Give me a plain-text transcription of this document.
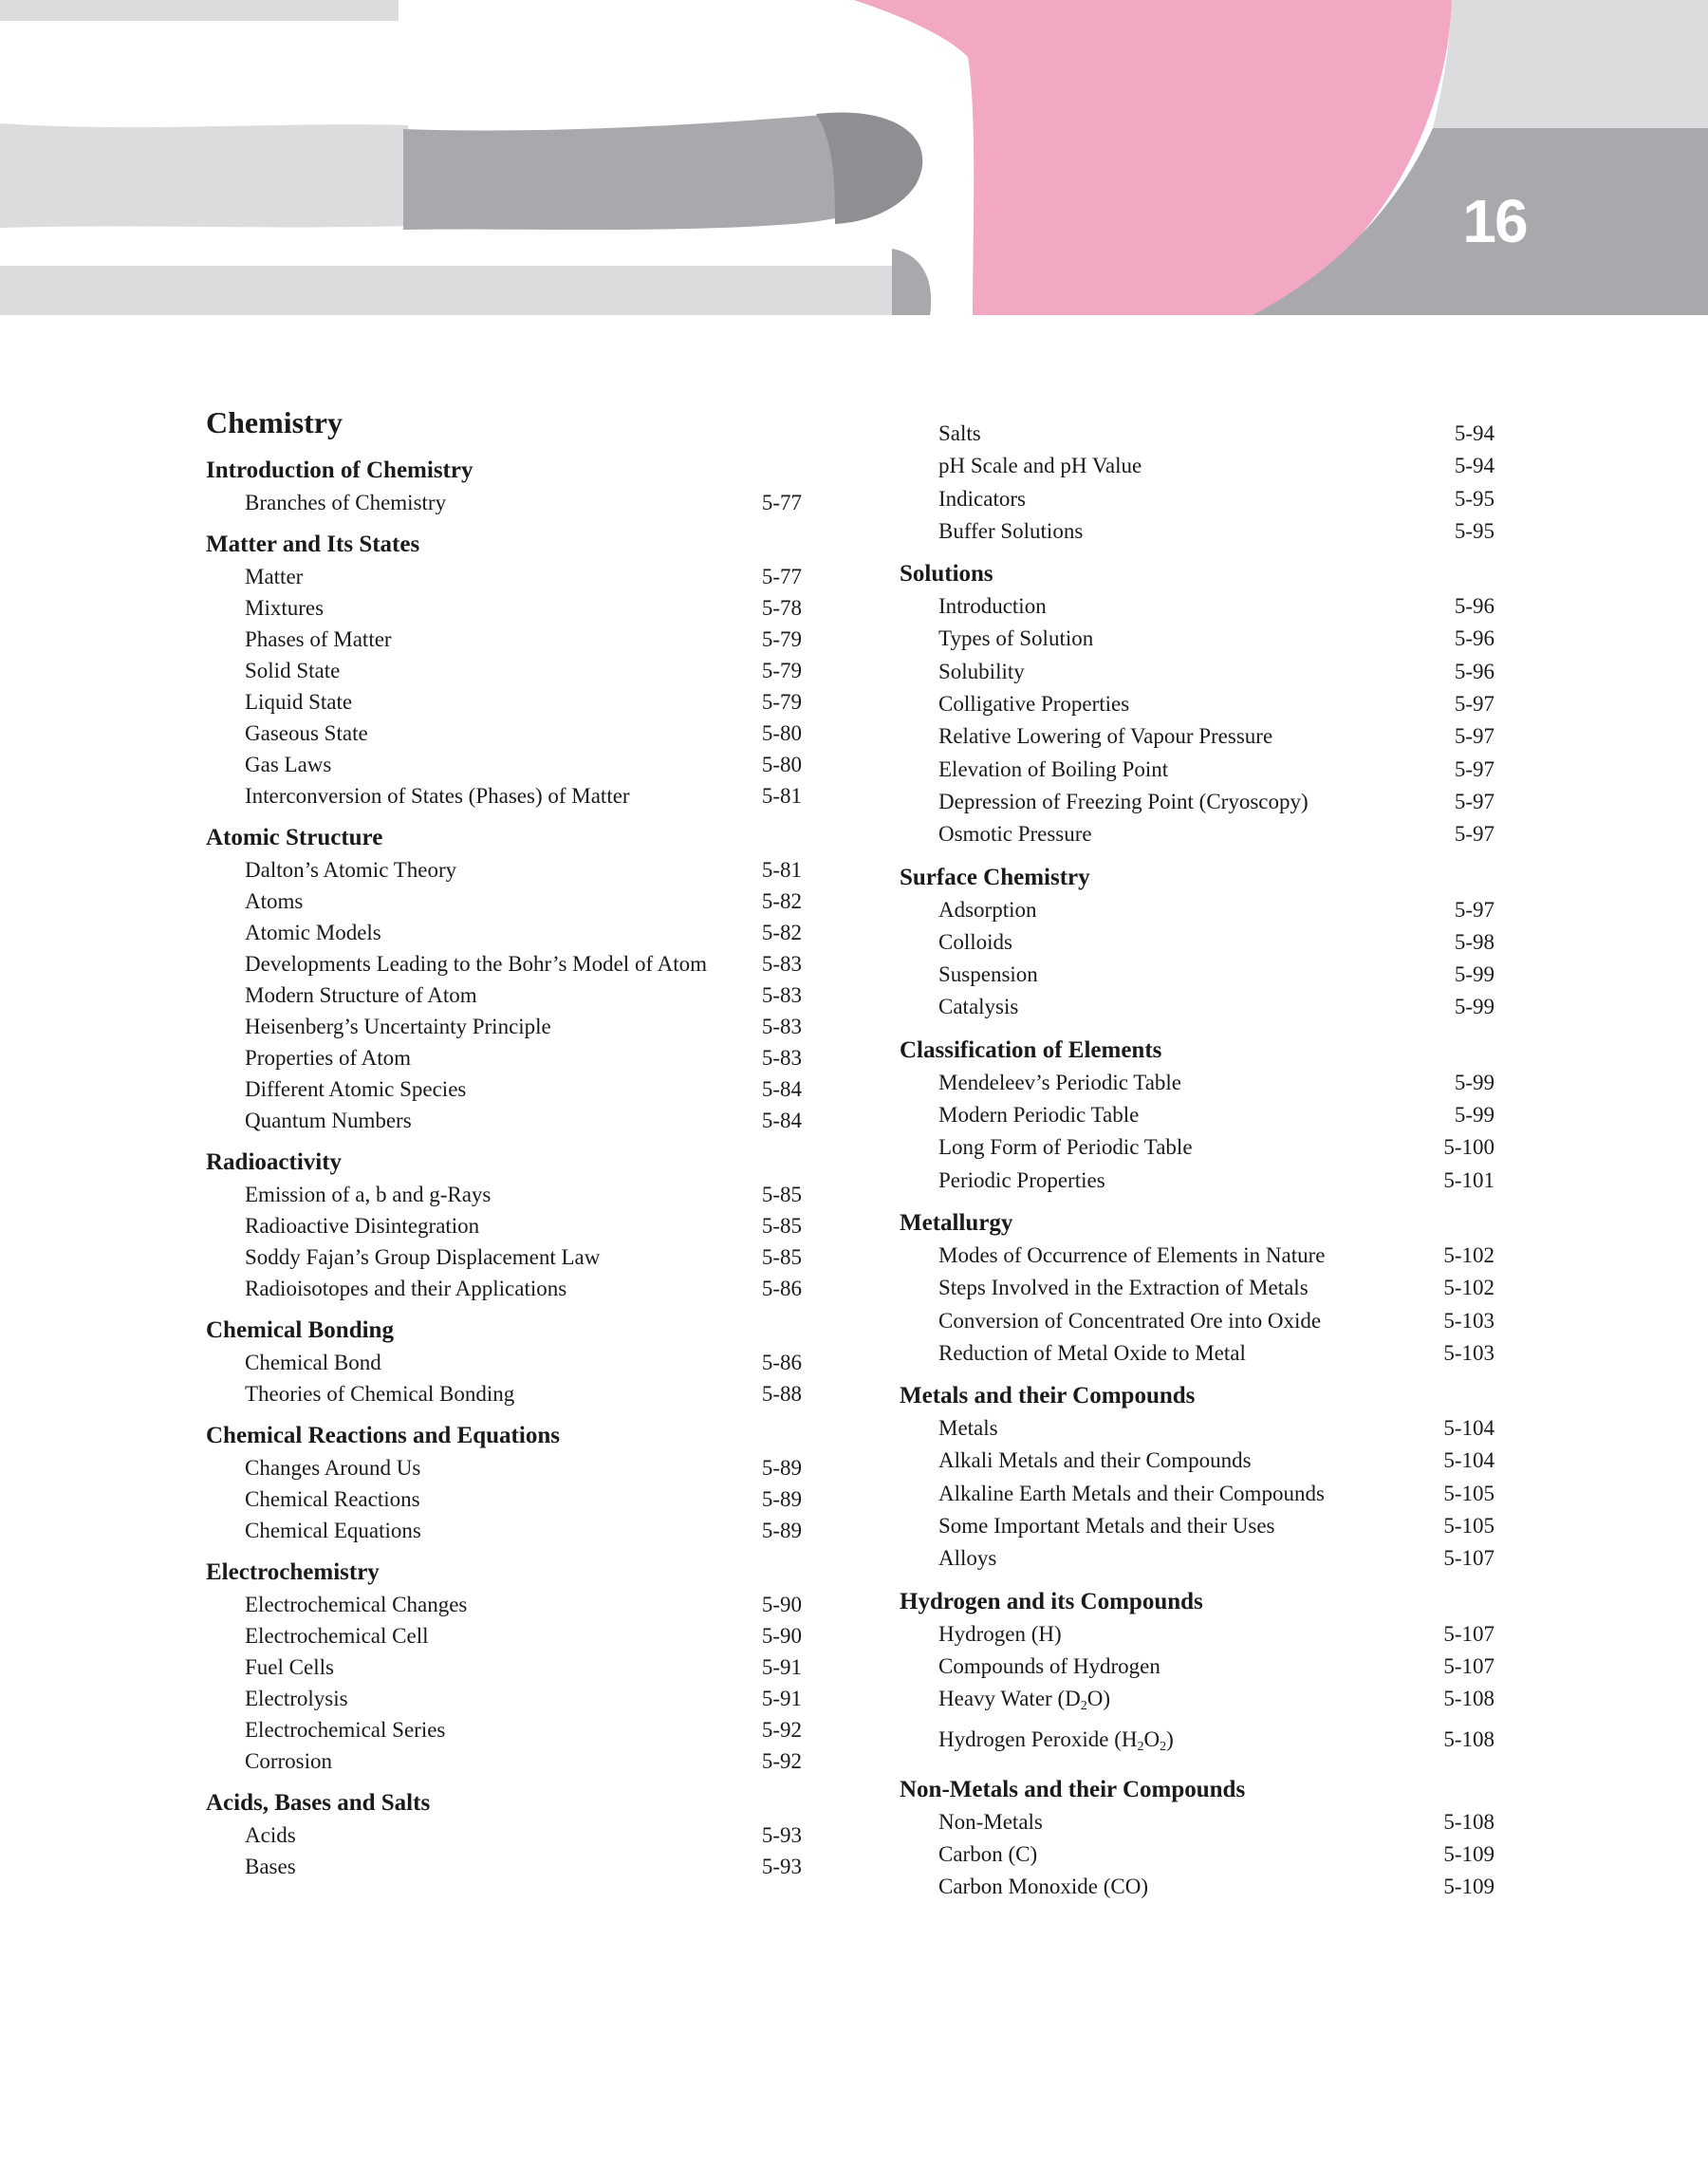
16
Chemistry
Introduction of Chemistry
Branches of Chemistry	5-77
Matter and Its States
Matter	5-77
Mixtures	5-78
Phases of Matter	5-79
Solid State	5-79
Liquid State	5-79
Gaseous State	5-80
Gas Laws	5-80
Interconversion of States (Phases) of Matter	5-81
Atomic Structure
Dalton’s Atomic Theory	5-81
Atoms	5-82
Atomic Models	5-82
Developments Leading to the Bohr’s Model of Atom	5-83
Modern Structure of Atom	5-83
Heisenberg’s Uncertainty Principle	5-83
Properties of Atom	5-83
Different Atomic Species	5-84
Quantum Numbers	5-84
Radioactivity
Emission of a, b and g-Rays	5-85
Radioactive Disintegration	5-85
Soddy Fajan’s Group Displacement Law	5-85
Radioisotopes and their Applications	5-86
Chemical Bonding
Chemical Bond	5-86
Theories of Chemical Bonding	5-88
Chemical Reactions and Equations
Changes Around Us	5-89
Chemical Reactions	5-89
Chemical Equations	5-89
Electrochemistry
Electrochemical Changes	5-90
Electrochemical Cell	5-90
Fuel Cells	5-91
Electrolysis	5-91
Electrochemical Series	5-92
Corrosion	5-92
Acids, Bases and Salts
Acids	5-93
Bases	5-93
Salts	5-94
pH Scale and pH Value	5-94
Indicators	5-95
Buffer Solutions	5-95
Solutions
Introduction	5-96
Types of Solution	5-96
Solubility	5-96
Colligative Properties	5-97
Relative Lowering of Vapour Pressure	5-97
Elevation of Boiling Point	5-97
Depression of Freezing Point (Cryoscopy)	5-97
Osmotic Pressure	5-97
Surface Chemistry
Adsorption	5-97
Colloids	5-98
Suspension	5-99
Catalysis	5-99
Classification of Elements
Mendeleev’s Periodic Table	5-99
Modern Periodic Table	5-99
Long Form of Periodic Table	5-100
Periodic Properties	5-101
Metallurgy
Modes of Occurrence of Elements in Nature	5-102
Steps Involved in the Extraction of Metals	5-102
Conversion of Concentrated Ore into Oxide	5-103
Reduction of Metal Oxide to Metal	5-103
Metals and their Compounds
Metals	5-104
Alkali Metals and their Compounds	5-104
Alkaline Earth Metals and their Compounds	5-105
Some Important Metals and their Uses	5-105
Alloys	5-107
Hydrogen and its Compounds
Hydrogen (H)	5-107
Compounds of Hydrogen	5-107
Heavy Water $(D_2O)$	5-108
Hydrogen Peroxide $(H_2O_2)$	5-108
Non-Metals and their Compounds
Non-Metals	5-108
Carbon (C)	5-109
Carbon Monoxide (CO)	5-109
